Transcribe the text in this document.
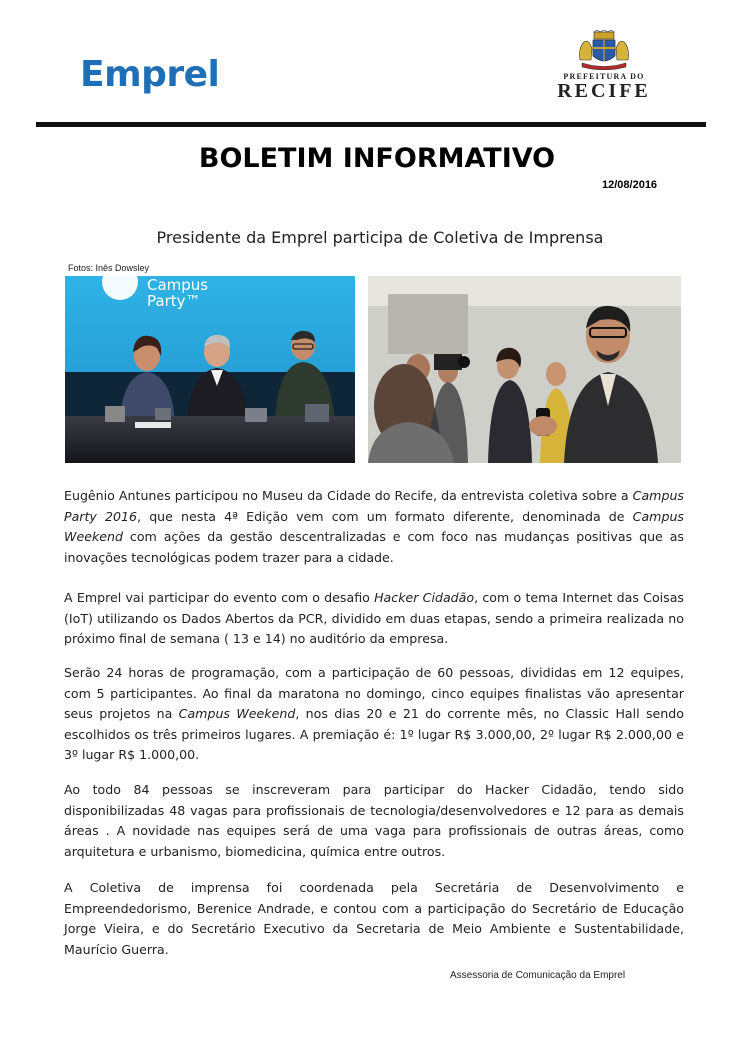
Emprel	PREFEITURA DO
RECIFE
BOLETIM INFORMATIVO
12/08/2016
Presidente da Emprel participa de Coletiva de Imprensa
Fotos: Inês Dowsley
Campus
Party™
Eugênio Antunes participou no Museu da Cidade do Recife, da entrevista coletiva sobre a Campus Party 2016, que nesta 4ª Edição vem com um formato diferente, denominada de Campus Weekend com ações da gestão descentralizadas e com foco nas mudanças positivas que as inovações tecnológicas podem trazer para a cidade.
A Emprel vai participar do evento com o desafio Hacker Cidadão, com o tema Internet das Coisas (IoT) utilizando os Dados Abertos da PCR, dividido em duas etapas, sendo a primeira realizada no próximo final de semana ( 13 e 14) no auditório da empresa.
Serão 24 horas de programação, com a participação de 60 pessoas, divididas em 12 equipes, com 5 participantes. Ao final da maratona no domingo, cinco equipes finalistas vão apresentar seus projetos na Campus Weekend, nos dias 20 e 21 do corrente mês, no Classic Hall sendo escolhidos os três primeiros lugares. A premiação é: 1º lugar R$ 3.000,00, 2º lugar R$ 2.000,00 e 3º lugar R$ 1.000,00.
Ao todo 84 pessoas se inscreveram para participar do Hacker Cidadão, tendo sido disponibilizadas 48 vagas para profissionais de tecnologia/desenvolvedores e 12 para as demais áreas . A novidade nas equipes será de uma vaga para profissionais de outras áreas, como arquitetura e urbanismo, biomedicina, química entre outros.
A Coletiva de imprensa foi coordenada pela Secretária de Desenvolvimento e Empreendedorismo, Berenice Andrade, e contou com a participação do Secretário de Educação Jorge Vieira, e do Secretário Executivo da Secretaria de Meio Ambiente e Sustentabilidade, Maurício Guerra.
Assessoria de Comunicação da Emprel
